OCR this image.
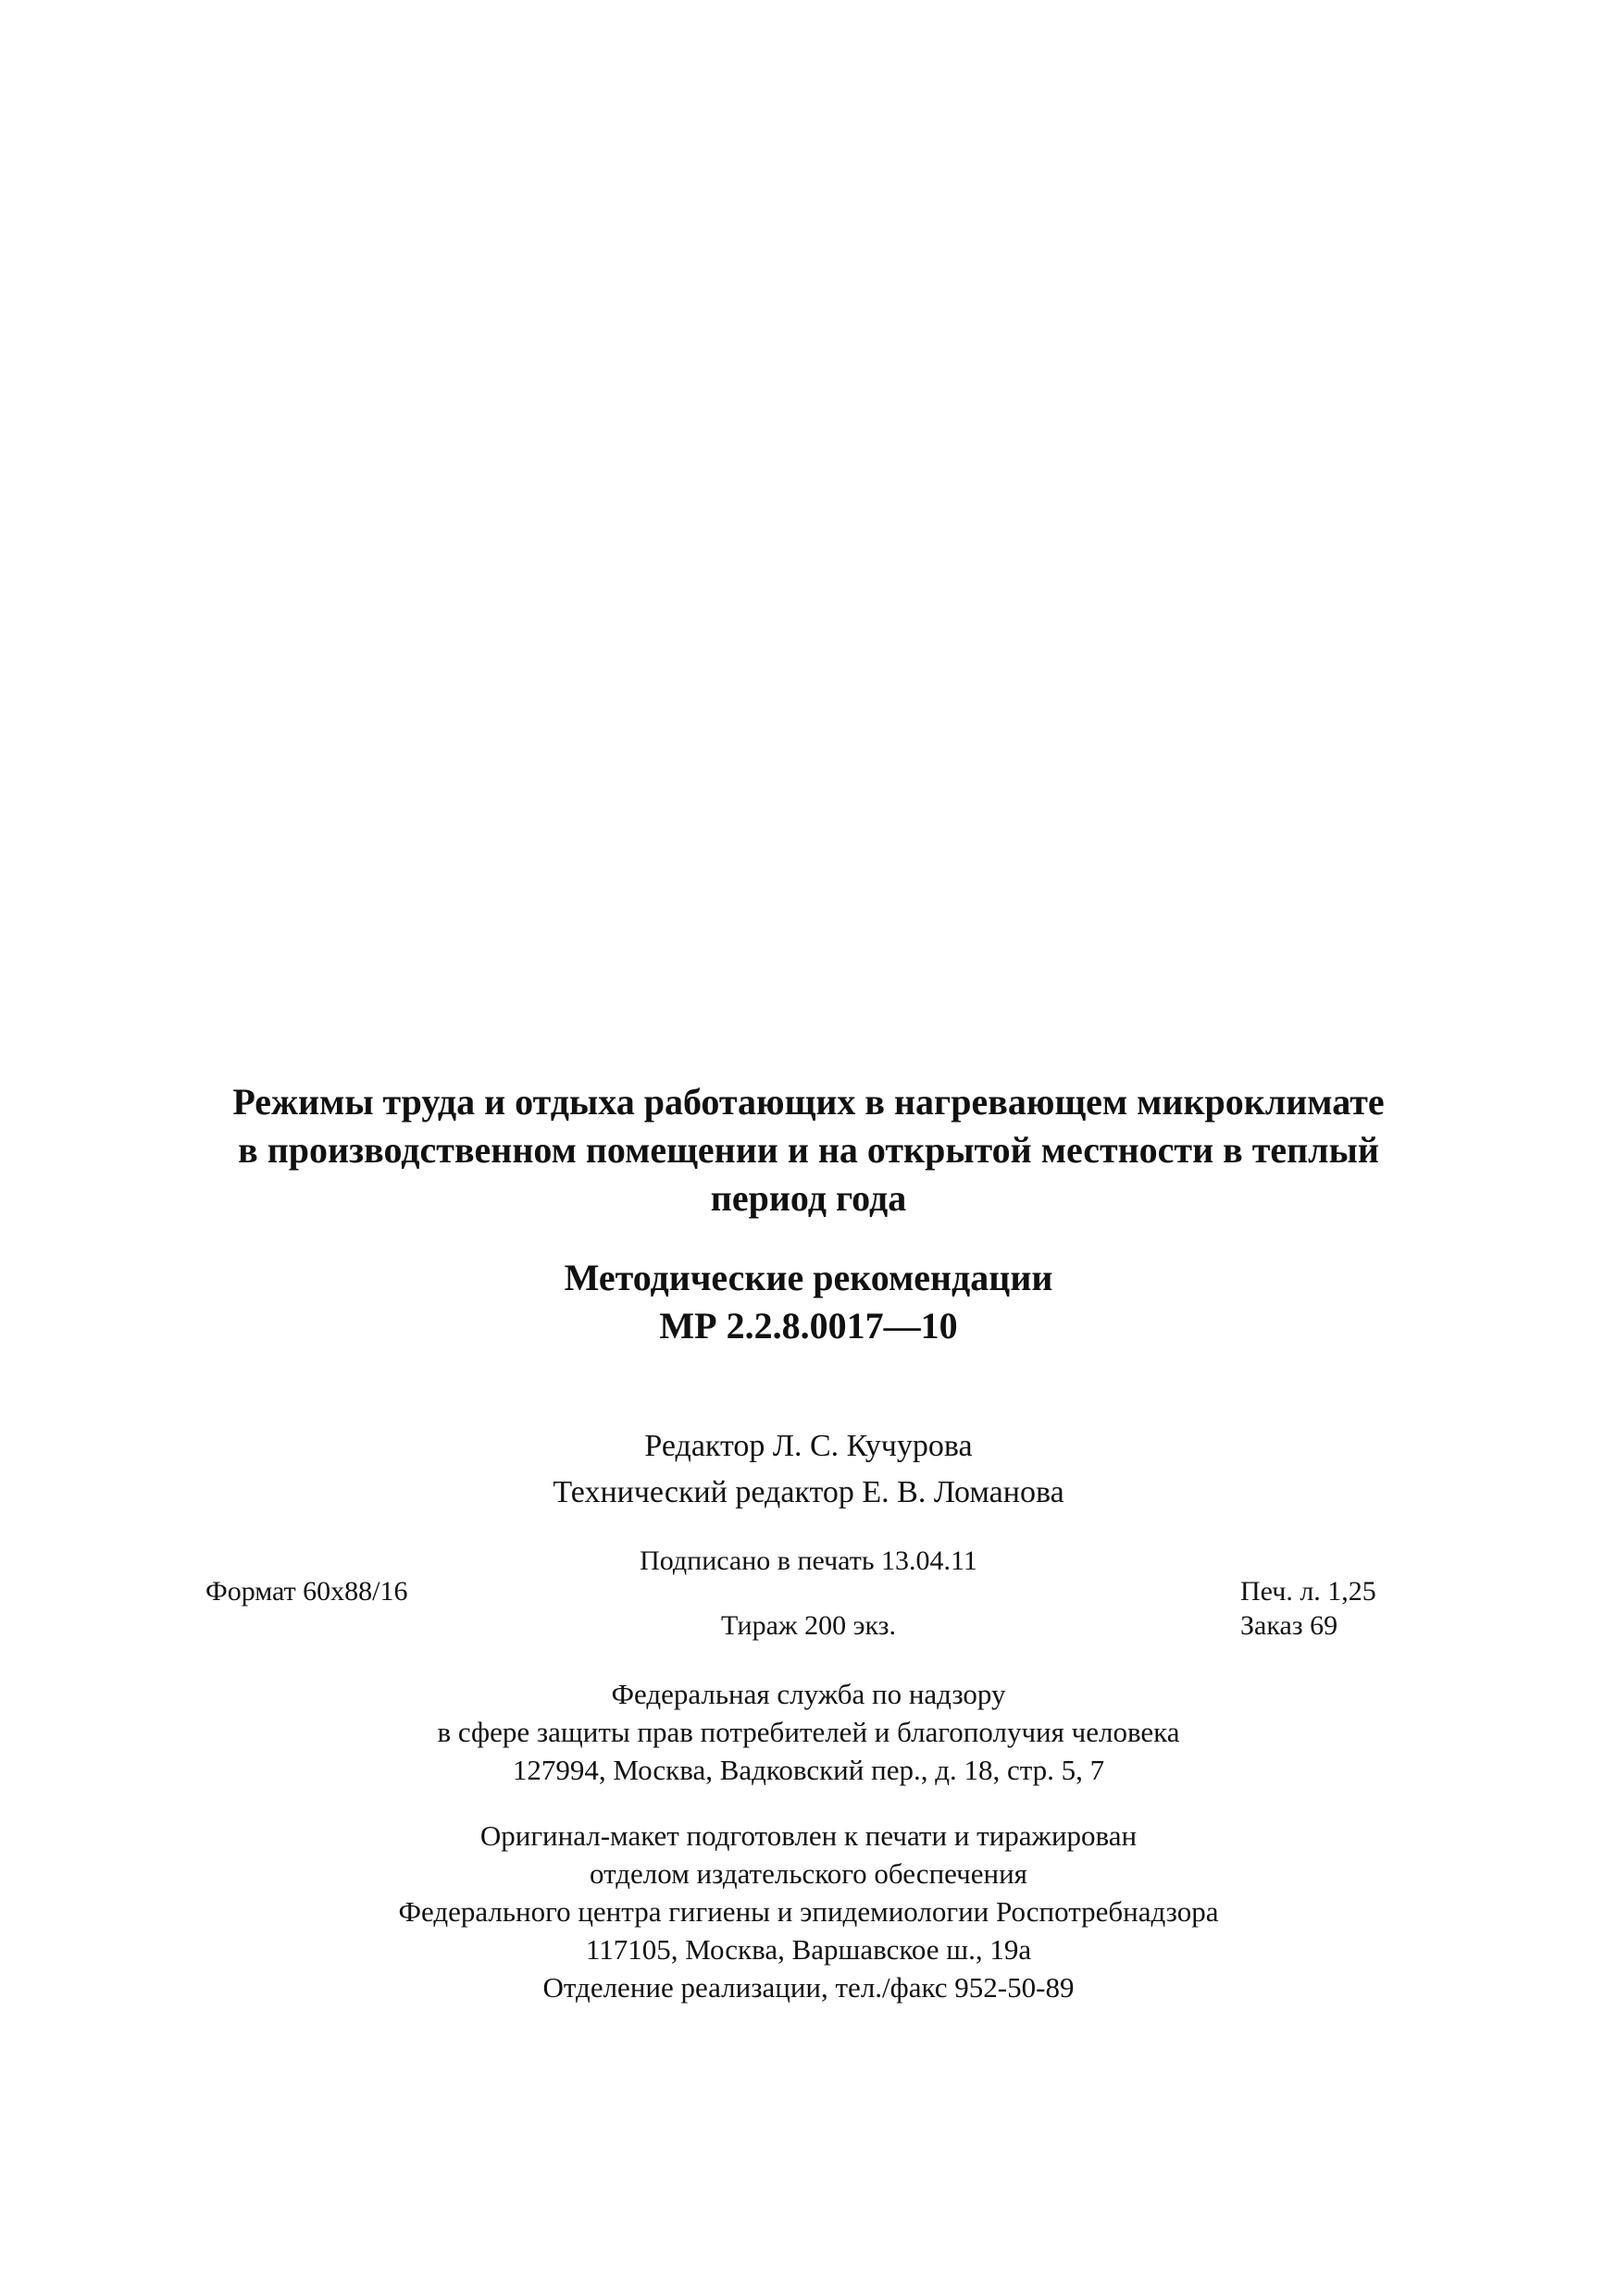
Режимы труда и отдыха работающих в нагревающем микроклимате
в производственном помещении и на открытой местности в теплый
период года
Методические рекомендации
МР 2.2.8.0017—10
Редактор Л. С. Кучурова
Технический редактор Е. В. Ломанова
Подписано в печать 13.04.11
Формат 60x88/16	Печ. л. 1,25
Тираж 200 экз.	Заказ 69
Федеральная служба по надзору
в сфере защиты прав потребителей и благополучия человека
127994, Москва, Вадковский пер., д. 18, стр. 5, 7
Оригинал-макет подготовлен к печати и тиражирован
отделом издательского обеспечения
Федерального центра гигиены и эпидемиологии Роспотребнадзора
117105, Москва, Варшавское ш., 19а
Отделение реализации, тел./факс 952-50-89
